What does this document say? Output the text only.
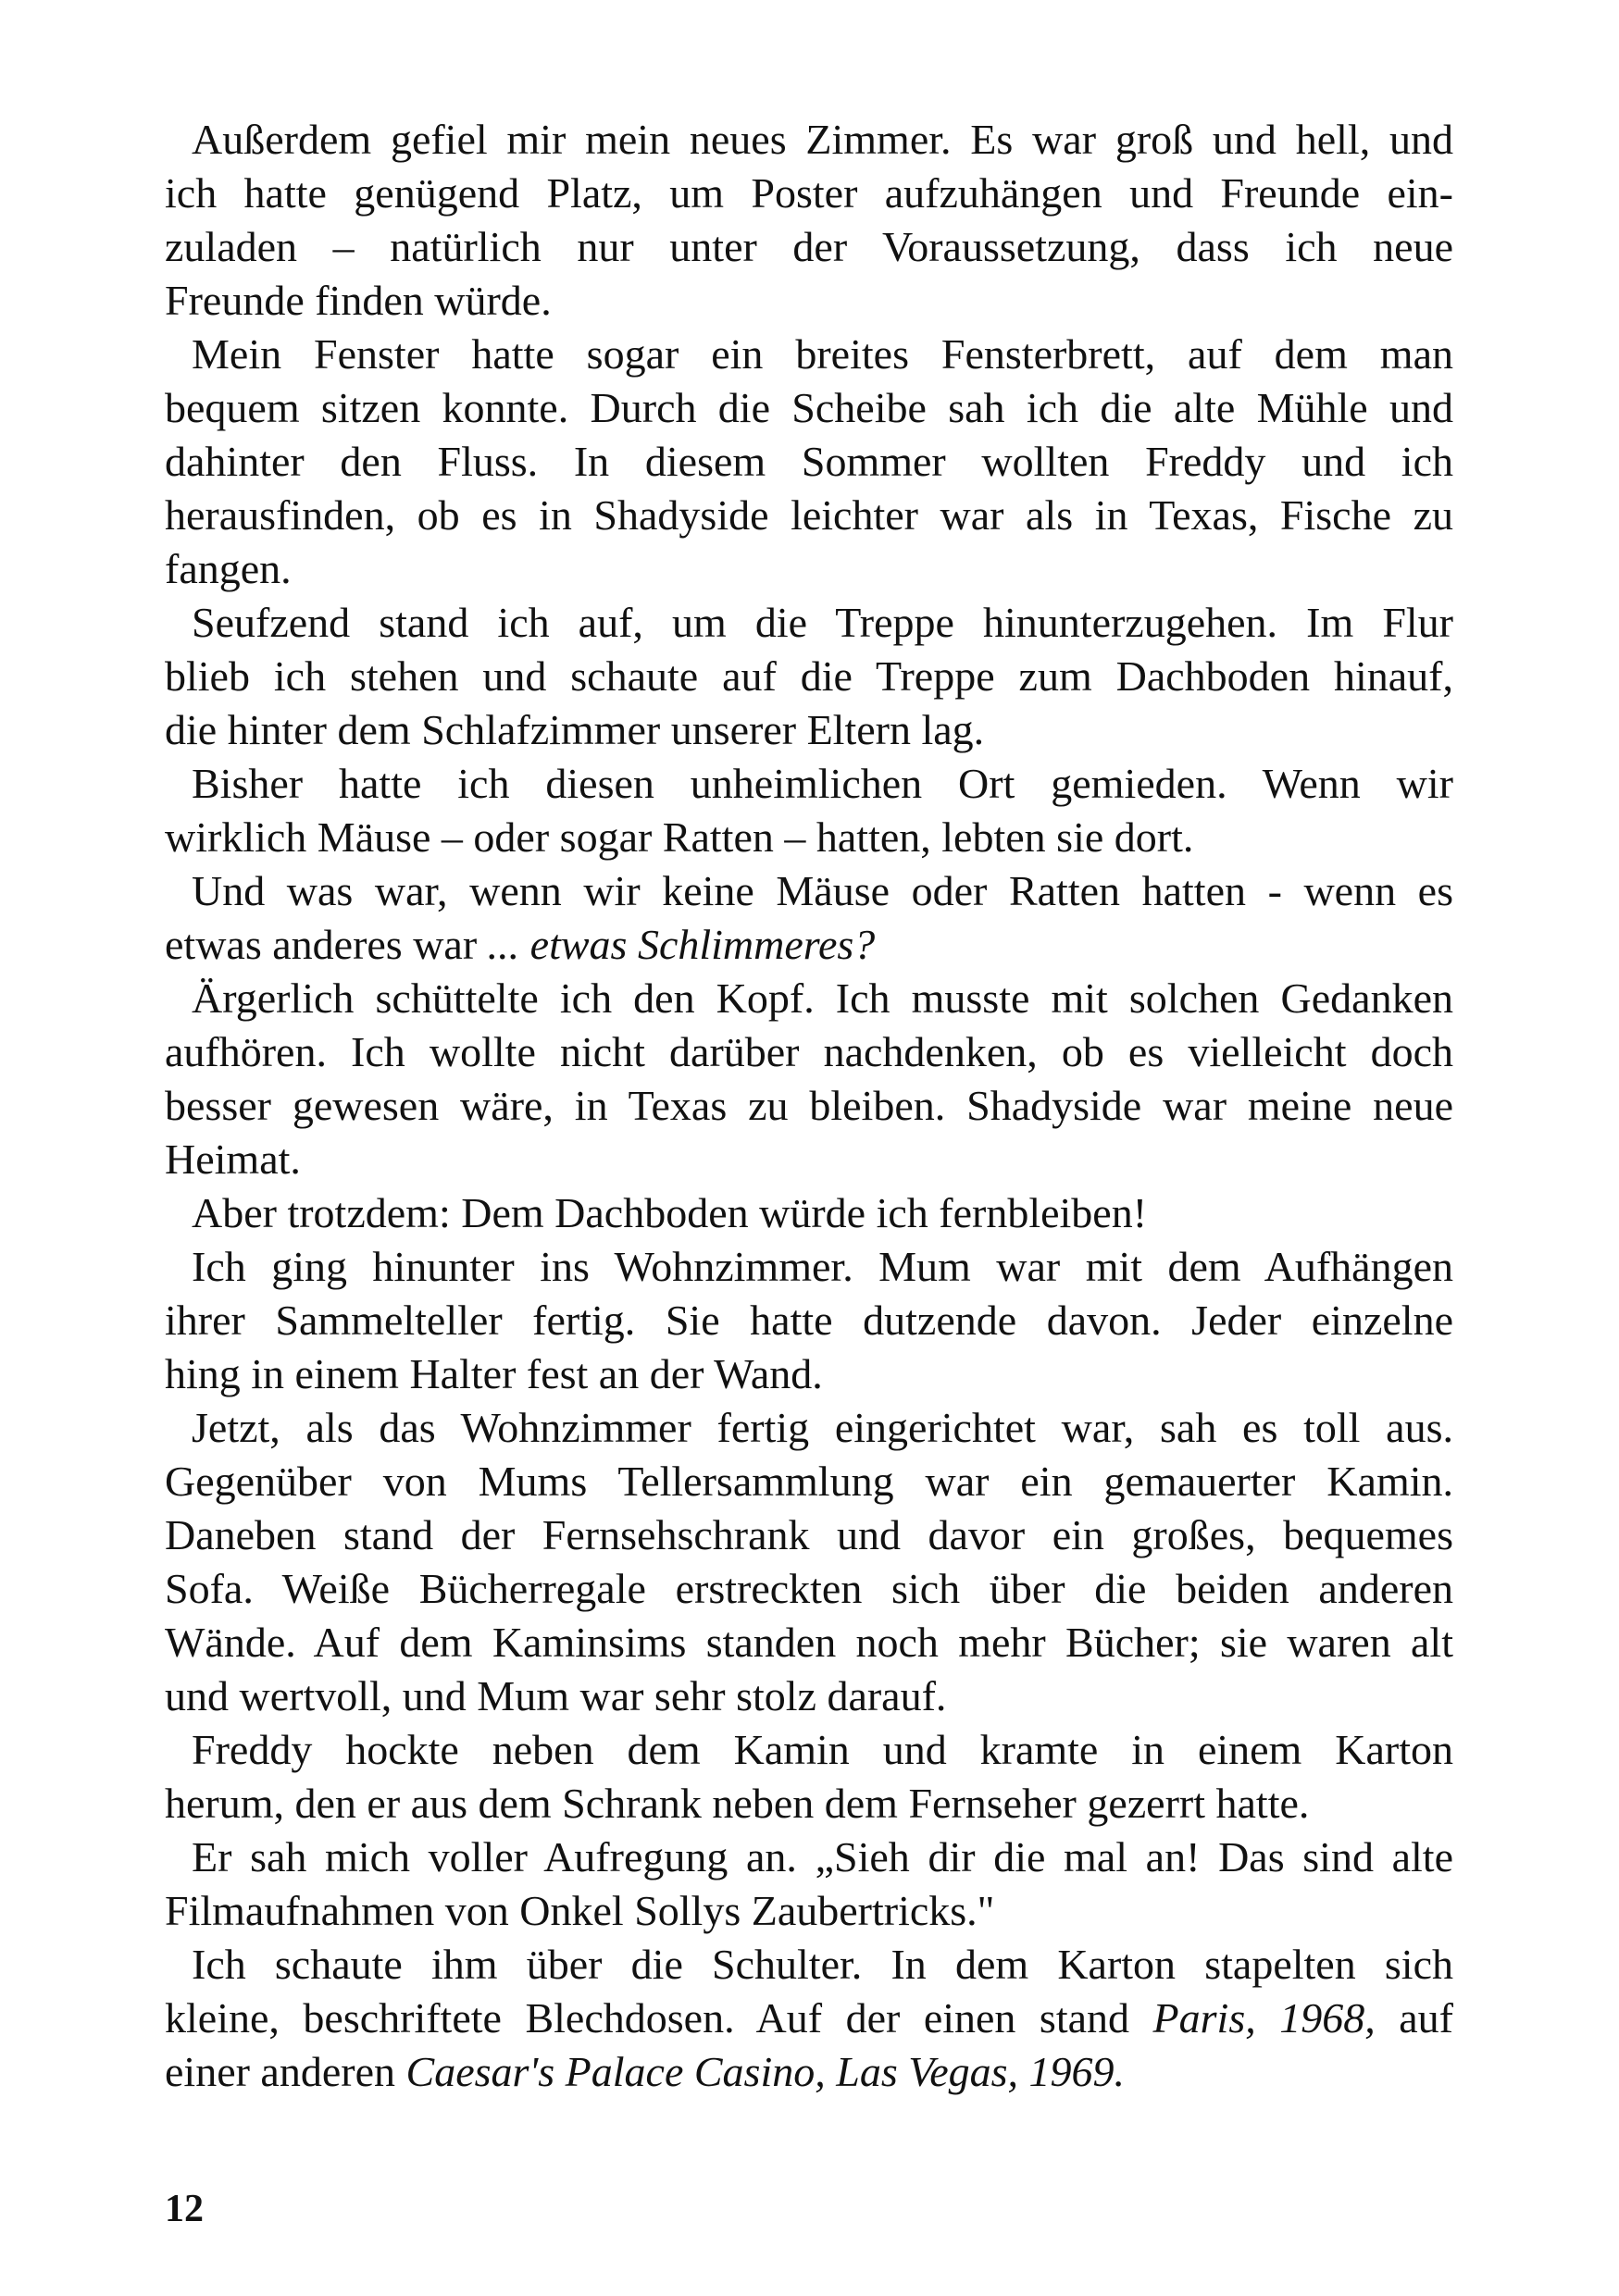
Außerdem gefiel mir mein neues Zimmer. Es war groß und hell, und
ich hatte genügend Platz, um Poster aufzuhängen und Freunde ein-
zuladen – natürlich nur unter der Voraussetzung, dass ich neue
Freunde finden würde.
Mein Fenster hatte sogar ein breites Fensterbrett, auf dem man
bequem sitzen konnte. Durch die Scheibe sah ich die alte Mühle und
dahinter den Fluss. In diesem Sommer wollten Freddy und ich
herausfinden, ob es in Shadyside leichter war als in Texas, Fische zu
fangen.
Seufzend stand ich auf, um die Treppe hinunterzugehen. Im Flur
blieb ich stehen und schaute auf die Treppe zum Dachboden hinauf,
die hinter dem Schlafzimmer unserer Eltern lag.
Bisher hatte ich diesen unheimlichen Ort gemieden. Wenn wir
wirklich Mäuse – oder sogar Ratten – hatten, lebten sie dort.
Und was war, wenn wir keine Mäuse oder Ratten hatten - wenn es
etwas anderes war ... etwas Schlimmeres?
Ärgerlich schüttelte ich den Kopf. Ich musste mit solchen Gedanken
aufhören. Ich wollte nicht darüber nachdenken, ob es vielleicht doch
besser gewesen wäre, in Texas zu bleiben. Shadyside war meine neue
Heimat.
Aber trotzdem: Dem Dachboden würde ich fernbleiben!
Ich ging hinunter ins Wohnzimmer. Mum war mit dem Aufhängen
ihrer Sammelteller fertig. Sie hatte dutzende davon. Jeder einzelne
hing in einem Halter fest an der Wand.
Jetzt, als das Wohnzimmer fertig eingerichtet war, sah es toll aus.
Gegenüber von Mums Tellersammlung war ein gemauerter Kamin.
Daneben stand der Fernsehschrank und davor ein großes, bequemes
Sofa. Weiße Bücherregale erstreckten sich über die beiden anderen
Wände. Auf dem Kaminsims standen noch mehr Bücher; sie waren alt
und wertvoll, und Mum war sehr stolz darauf.
Freddy hockte neben dem Kamin und kramte in einem Karton
herum, den er aus dem Schrank neben dem Fernseher gezerrt hatte.
Er sah mich voller Aufregung an. „Sieh dir die mal an! Das sind alte
Filmaufnahmen von Onkel Sollys Zaubertricks."
Ich schaute ihm über die Schulter. In dem Karton stapelten sich
kleine, beschriftete Blechdosen. Auf der einen stand Paris, 1968, auf
einer anderen Caesar's Palace Casino, Las Vegas, 1969.
12
